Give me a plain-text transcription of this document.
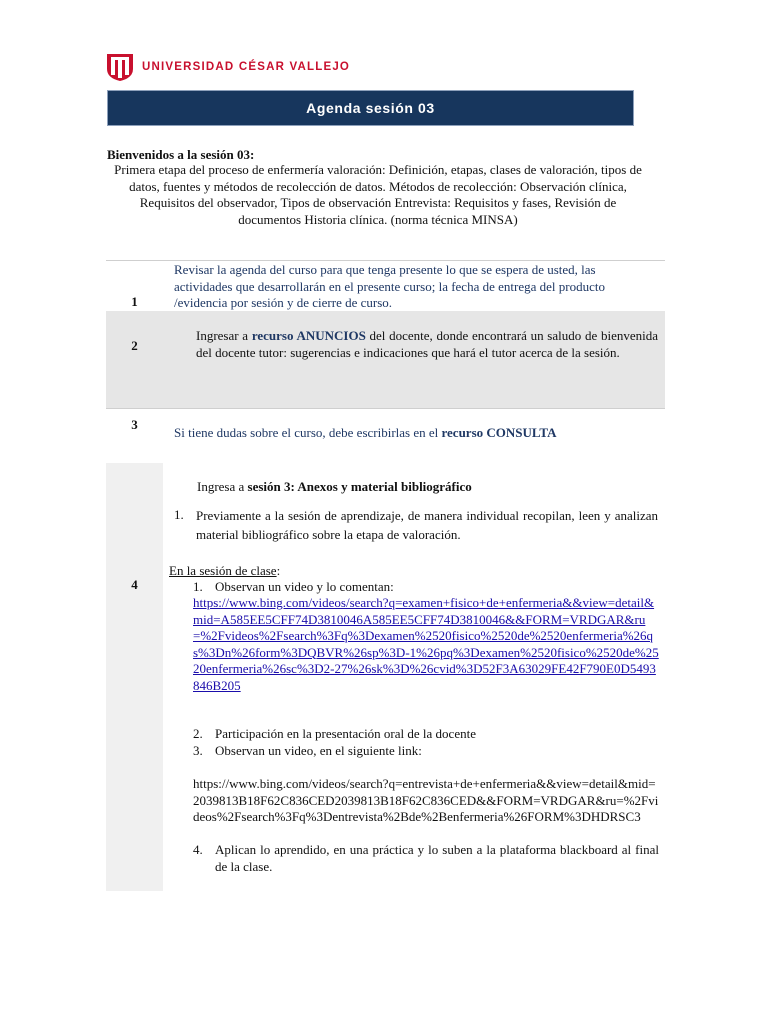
UNIVERSIDAD CÉSAR VALLEJO
Agenda sesión 03
Bienvenidos a la sesión 03:
Primera etapa del proceso de enfermería valoración: Definición, etapas, clases de valoración, tipos de datos, fuentes y métodos de recolección de datos. Métodos de recolección: Observación clínica, Requisitos del observador, Tipos de observación Entrevista: Requisitos y fases, Revisión de documentos Historia clínica. (norma técnica MINSA)
1
Revisar la agenda del curso para que tenga presente lo que se espera de usted, las actividades que desarrollarán en el presente curso; la fecha de entrega del producto /evidencia por sesión y de cierre de curso.
2
Ingresar a recurso ANUNCIOS del docente, donde encontrará un saludo de bienvenida del docente tutor: sugerencias e indicaciones que hará el tutor acerca de la sesión.
3
Si tiene dudas sobre el curso, debe escribirlas en el recurso CONSULTA
4
Ingresa a sesión 3: Anexos y material bibliográfico
1. Previamente a la sesión de aprendizaje, de manera individual recopilan, leen y analizan material bibliográfico sobre la etapa de valoración.
En la sesión de clase:
1. Observan un video y lo comentan:
https://www.bing.com/videos/search?q=examen+fisico+de+enfermeria&&view=detail&mid=A585EE5CFF74D3810046A585EE5CFF74D3810046&&FORM=VRDGAR&ru=%2Fvideos%2Fsearch%3Fq%3Dexamen%2520fisico%2520de%2520enfermeria%26qs%3Dn%26form%3DQBVR%26sp%3D-1%26pq%3Dexamen%2520fisico%2520de%2520enfermeria%26sc%3D2-27%26sk%3D%26cvid%3D52F3A63029FE42F790E0D5493846B205
2. Participación en la presentación oral de la docente
3. Observan un video, en el siguiente link:
https://www.bing.com/videos/search?q=entrevista+de+enfermeria&&view=detail&mid=2039813B18F62C836CED2039813B18F62C836CED&&FORM=VRDGAR&ru=%2Fvideos%2Fsearch%3Fq%3Dentrevista%2Bde%2Benfermeria%26FORM%3DHDRSC3
4. Aplican lo aprendido, en una práctica y lo suben a la plataforma blackboard al final de la clase.
